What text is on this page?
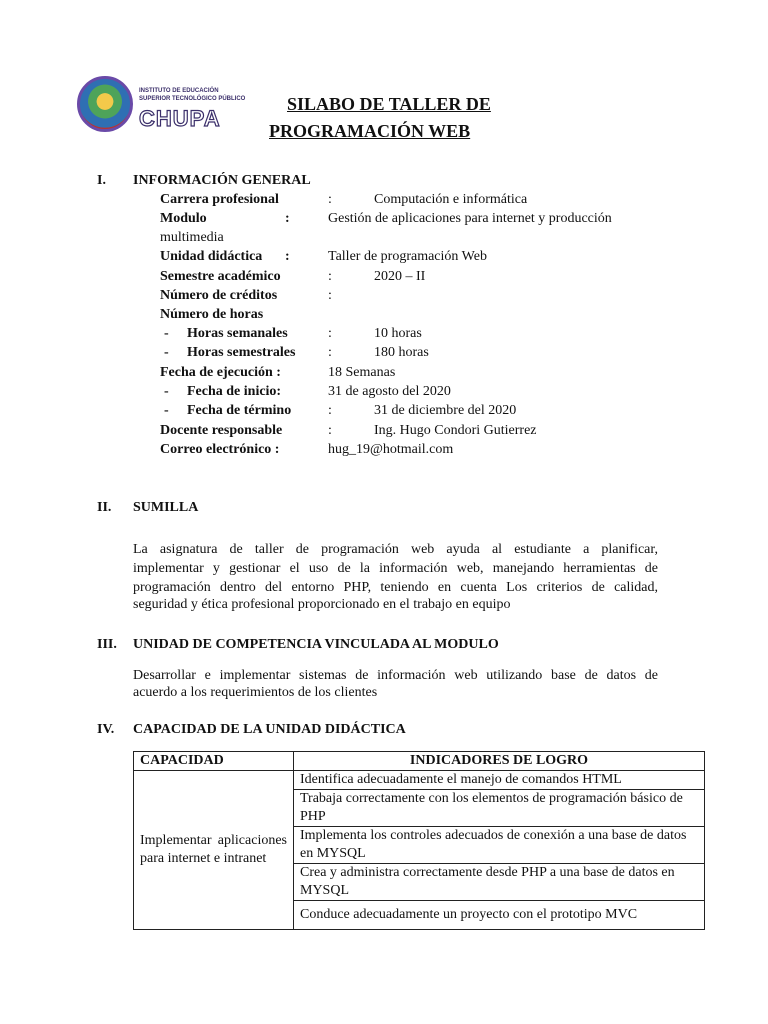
INSTITUTO DE EDUCACIÓN
SUPERIOR TECNOLÓGICO PÚBLICO
CHUPA
SILABO DE TALLER DE
PROGRAMACIÓN WEB
I. INFORMACIÓN GENERAL
Carrera profesional	:	Computación e informática
Modulo	:	Gestión de aplicaciones para internet y producción
multimedia
Unidad didáctica :	Taller de programación Web
Semestre académico	:	2020 – II
Número de créditos	:
Número de horas
- Horas semanales	:	10 horas
- Horas semestrales :	180 horas
Fecha de ejecución :	18 Semanas
- Fecha de inicio:	31 de agosto del 2020
- Fecha de término	:	31 de diciembre del 2020
Docente responsable	:	Ing. Hugo Condori Gutierrez
Correo electrónico :	hug_19@hotmail.com
II. SUMILLA
La asignatura de taller de programación web ayuda al estudiante a planificar,
implementar y gestionar el uso de la información web, manejando herramientas de
programación dentro del entorno PHP, teniendo en cuenta Los criterios de calidad,
seguridad y ética profesional proporcionado en el trabajo en equipo
III. UNIDAD DE COMPETENCIA VINCULADA AL MODULO
Desarrollar e implementar sistemas de información web utilizando base de datos de
acuerdo a los requerimientos de los clientes
IV. CAPACIDAD DE LA UNIDAD DIDÁCTICA
CAPACIDAD	INDICADORES DE LOGRO
Implementar aplicaciones para internet e intranet	Identifica adecuadamente el manejo de comandos HTML
	Trabaja correctamente con los elementos de programación básico de PHP
	Implementa los controles adecuados de conexión a una base de datos en MYSQL
	Crea y administra correctamente desde PHP a una base de datos en MYSQL
	Conduce adecuadamente un proyecto con el prototipo MVC
